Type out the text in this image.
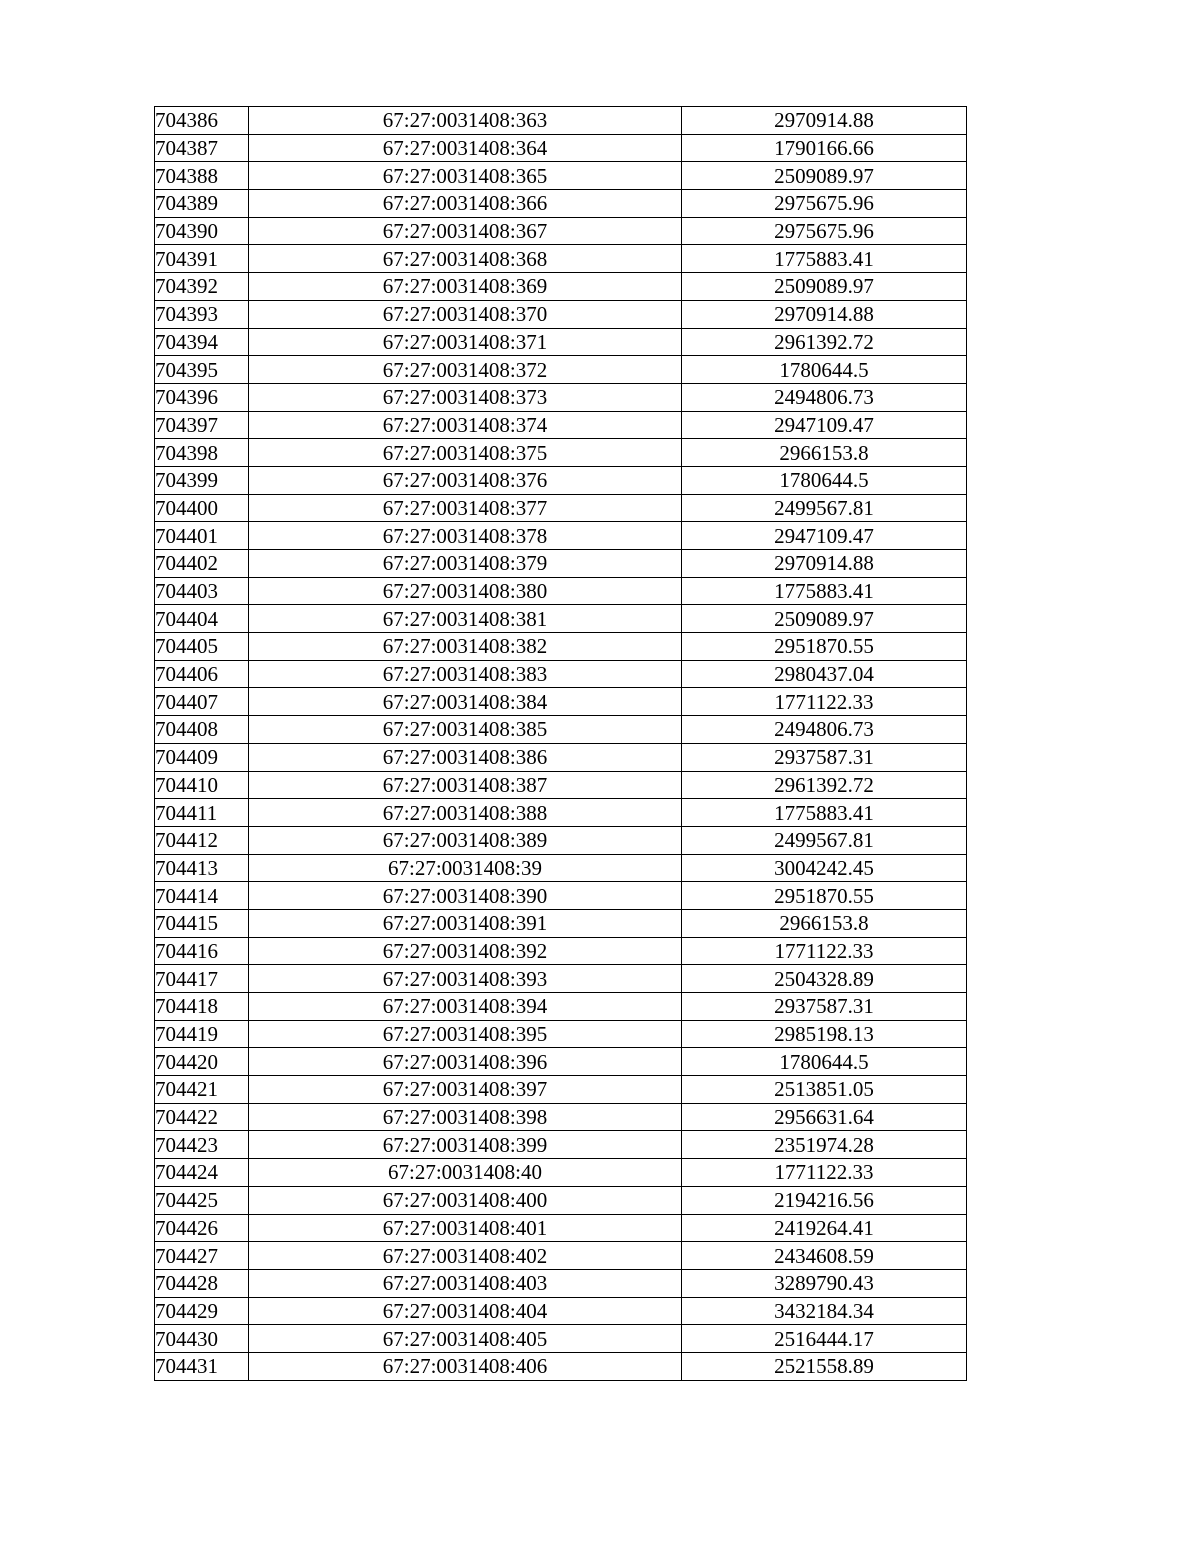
704386	67:27:0031408:363	2970914.88
704387	67:27:0031408:364	1790166.66
704388	67:27:0031408:365	2509089.97
704389	67:27:0031408:366	2975675.96
704390	67:27:0031408:367	2975675.96
704391	67:27:0031408:368	1775883.41
704392	67:27:0031408:369	2509089.97
704393	67:27:0031408:370	2970914.88
704394	67:27:0031408:371	2961392.72
704395	67:27:0031408:372	1780644.5
704396	67:27:0031408:373	2494806.73
704397	67:27:0031408:374	2947109.47
704398	67:27:0031408:375	2966153.8
704399	67:27:0031408:376	1780644.5
704400	67:27:0031408:377	2499567.81
704401	67:27:0031408:378	2947109.47
704402	67:27:0031408:379	2970914.88
704403	67:27:0031408:380	1775883.41
704404	67:27:0031408:381	2509089.97
704405	67:27:0031408:382	2951870.55
704406	67:27:0031408:383	2980437.04
704407	67:27:0031408:384	1771122.33
704408	67:27:0031408:385	2494806.73
704409	67:27:0031408:386	2937587.31
704410	67:27:0031408:387	2961392.72
704411	67:27:0031408:388	1775883.41
704412	67:27:0031408:389	2499567.81
704413	67:27:0031408:39	3004242.45
704414	67:27:0031408:390	2951870.55
704415	67:27:0031408:391	2966153.8
704416	67:27:0031408:392	1771122.33
704417	67:27:0031408:393	2504328.89
704418	67:27:0031408:394	2937587.31
704419	67:27:0031408:395	2985198.13
704420	67:27:0031408:396	1780644.5
704421	67:27:0031408:397	2513851.05
704422	67:27:0031408:398	2956631.64
704423	67:27:0031408:399	2351974.28
704424	67:27:0031408:40	1771122.33
704425	67:27:0031408:400	2194216.56
704426	67:27:0031408:401	2419264.41
704427	67:27:0031408:402	2434608.59
704428	67:27:0031408:403	3289790.43
704429	67:27:0031408:404	3432184.34
704430	67:27:0031408:405	2516444.17
704431	67:27:0031408:406	2521558.89
